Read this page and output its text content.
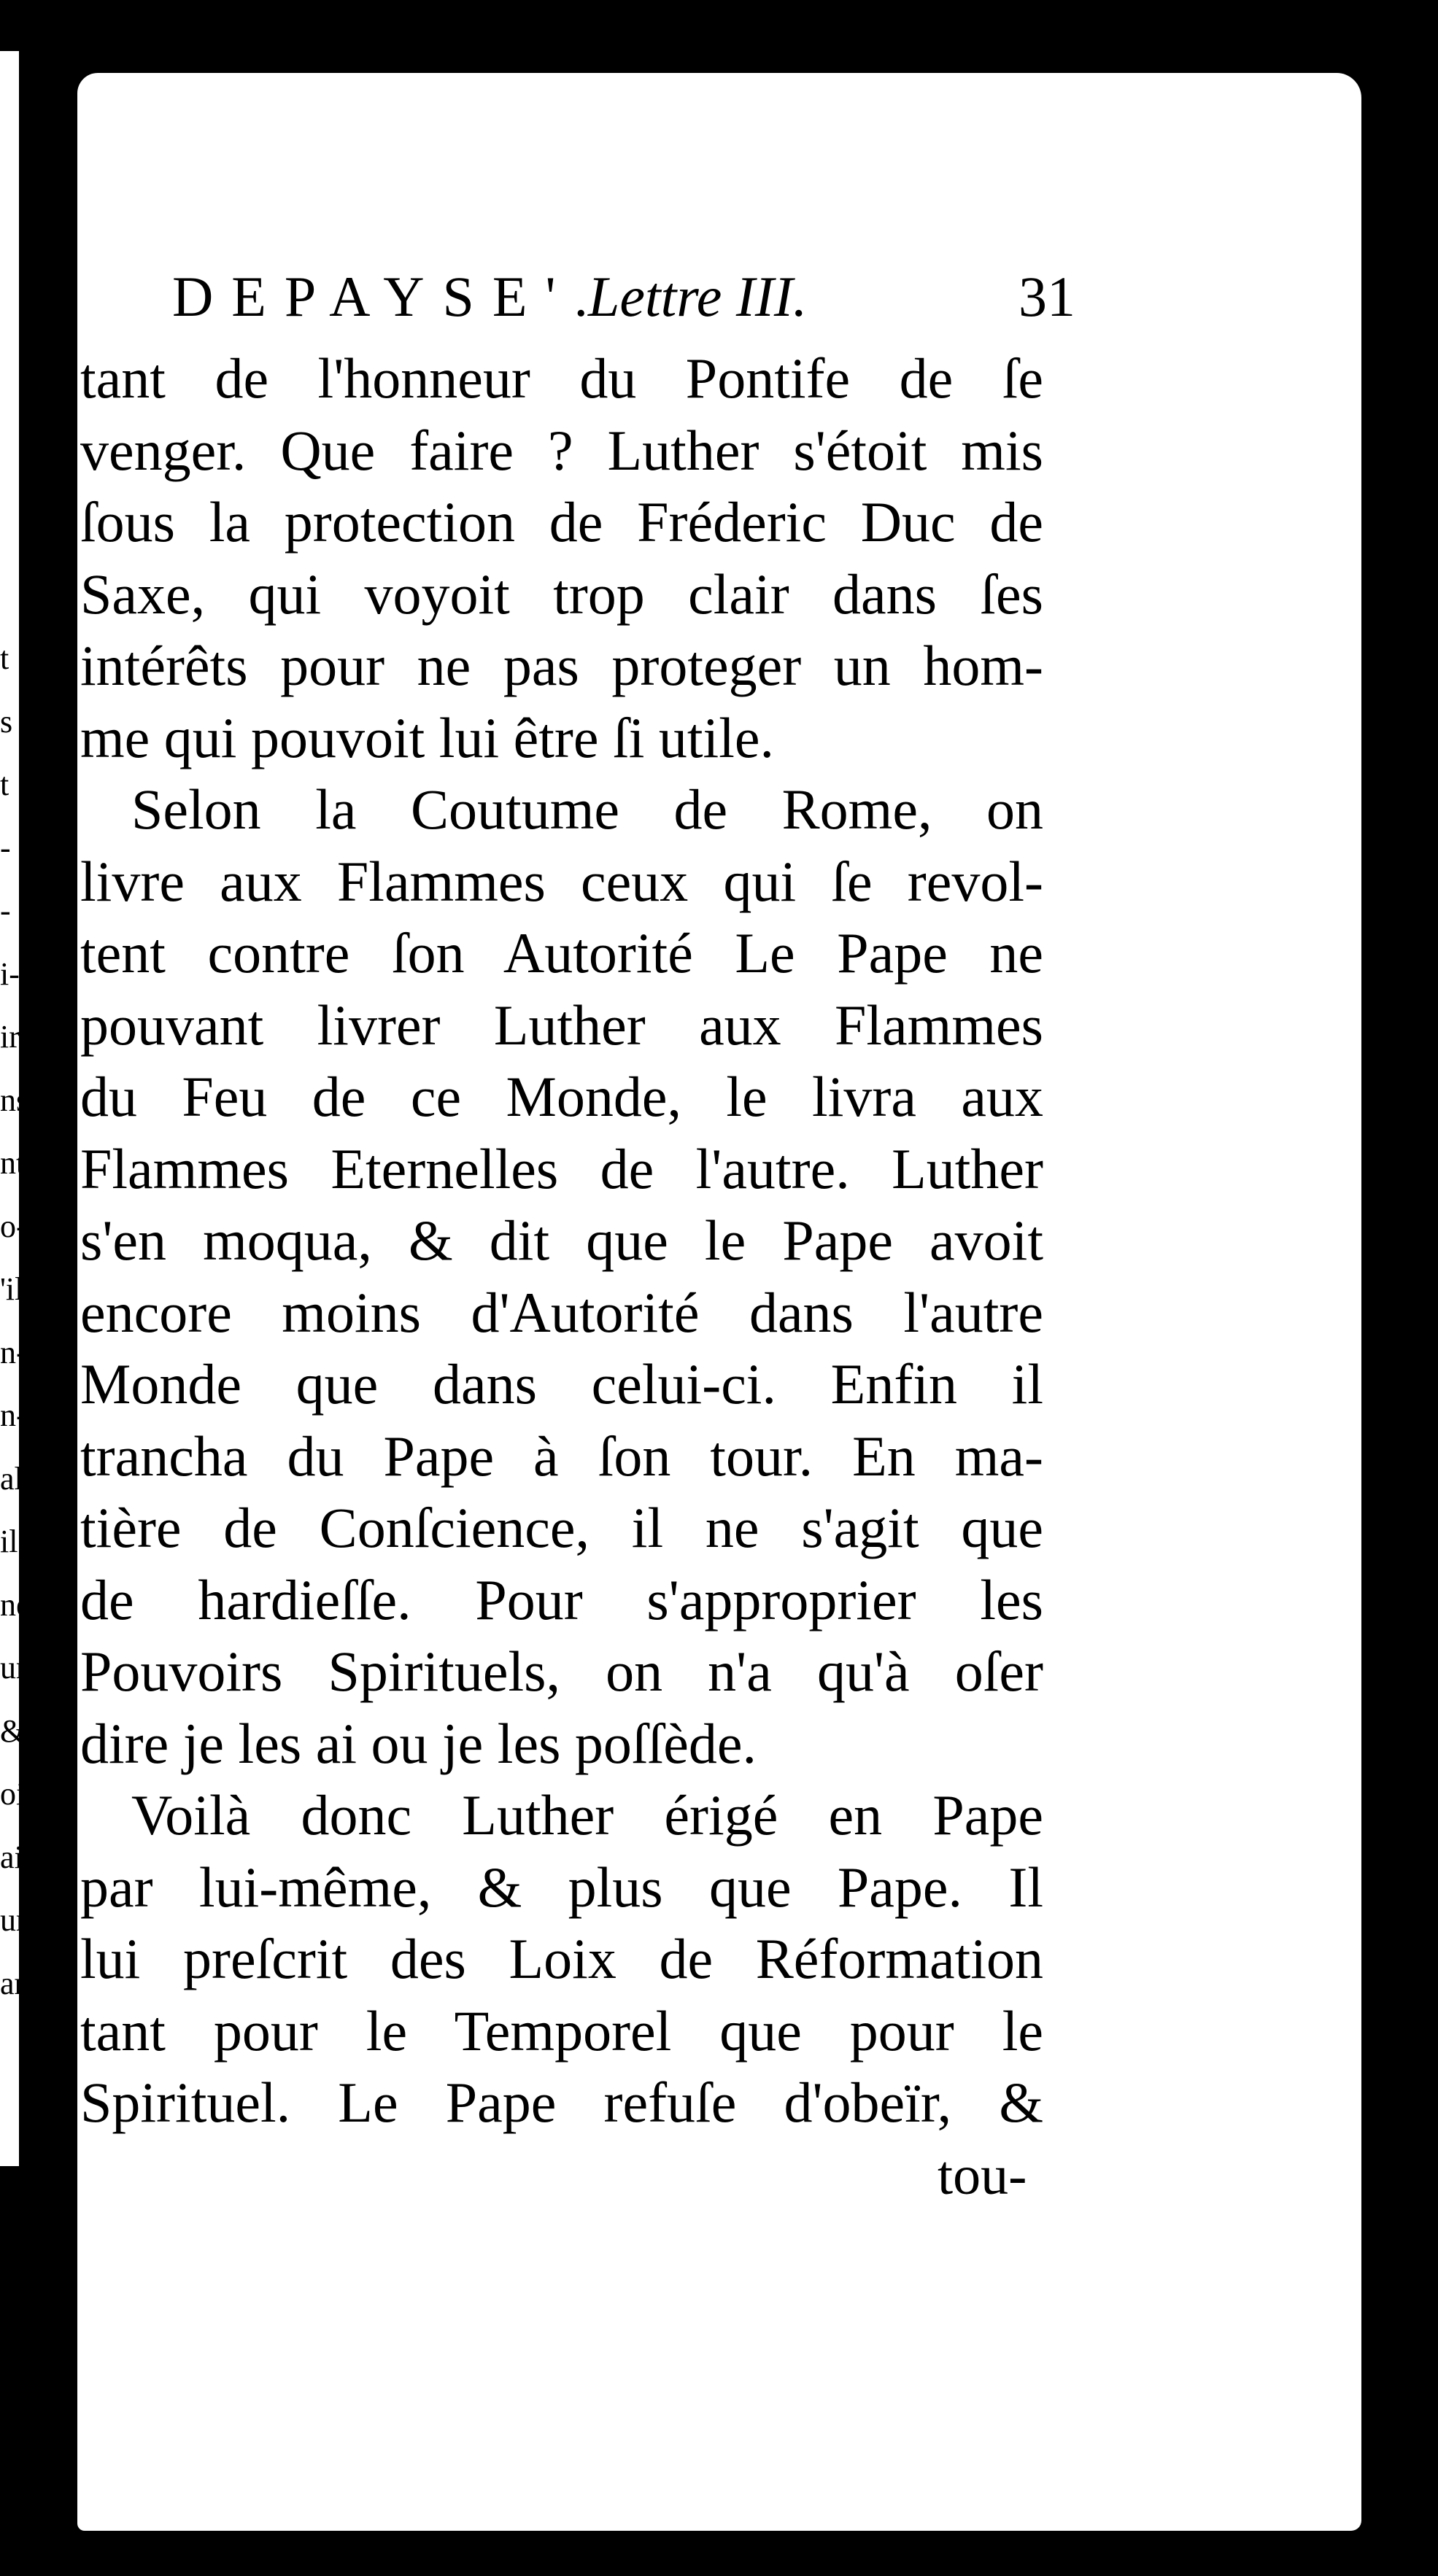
t
s
t
-
-
i-
ir
ns
nt
o-
'il
n-
n-
al
il
ne
ur
&
oi
ai
ur
ar
DEPAYSE'.
Lettre III.	31
tant de l'honneur du Pontife de ſe
venger. Que faire ? Luther s'étoit mis
ſous la protection de Fréderic Duc de
Saxe, qui voyoit trop clair dans ſes
intérêts pour ne pas proteger un hom-
me qui pouvoit lui être ſi utile.
Selon la Coutume de Rome, on
livre aux Flammes ceux qui ſe revol-
tent contre ſon Autorité Le Pape ne
pouvant livrer Luther aux Flammes
du Feu de ce Monde, le livra aux
Flammes Eternelles de l'autre. Luther
s'en moqua, & dit que le Pape avoit
encore moins d'Autorité dans l'autre
Monde que dans celui-ci. Enfin il
trancha du Pape à ſon tour. En ma-
tière de Conſcience, il ne s'agit que
de hardieſſe. Pour s'approprier les
Pouvoirs Spirituels, on n'a qu'à oſer
dire je les ai ou je les poſſède.
Voilà donc Luther érigé en Pape
par lui-même, & plus que Pape. Il
lui preſcrit des Loix de Réformation
tant pour le Temporel que pour le
Spirituel. Le Pape refuſe d'obeïr, &
tou-
